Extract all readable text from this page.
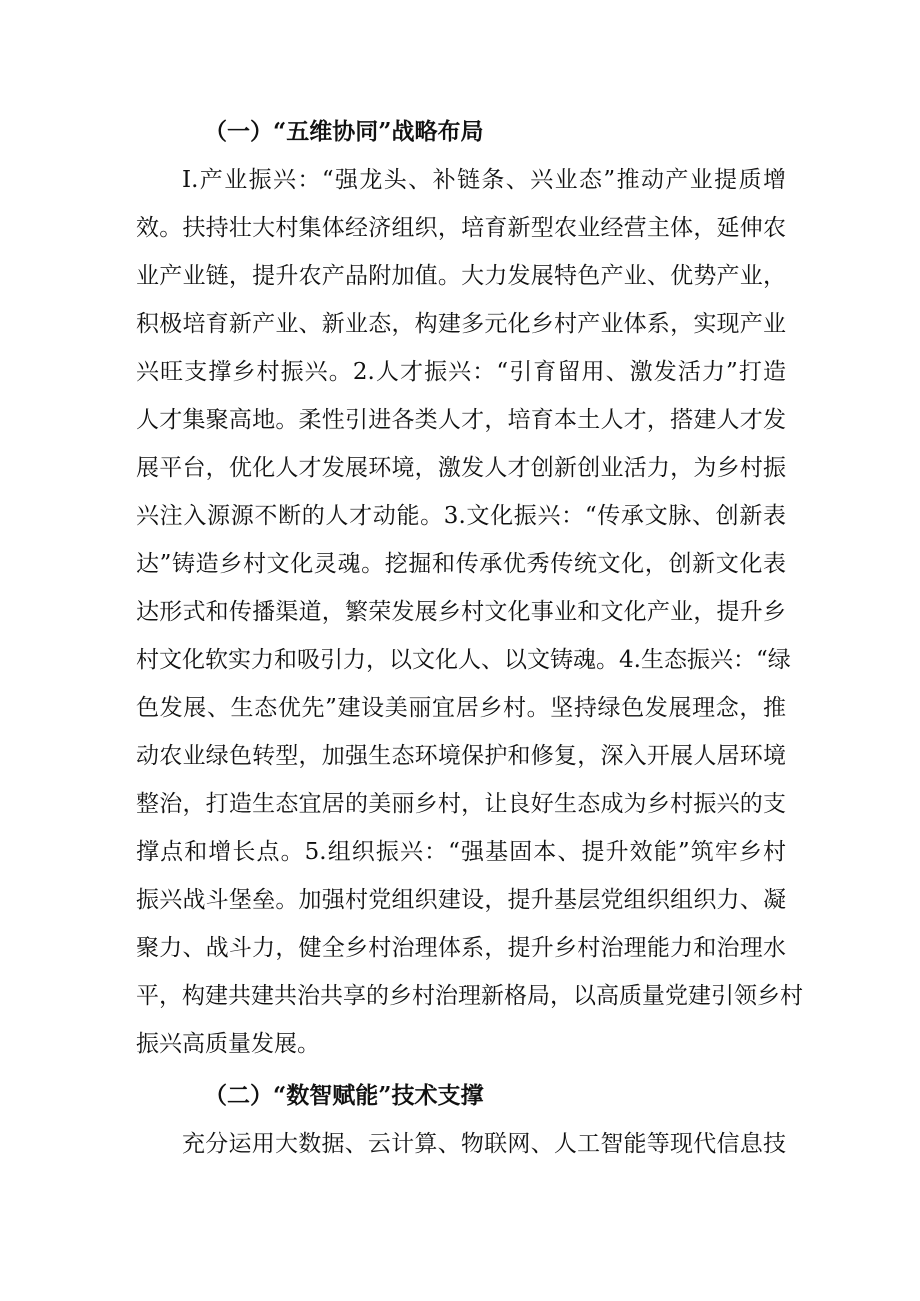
（一）“五维协同”战略布局
I.产业振兴：“强龙头、补链条、兴业态”推动产业提质增
效。扶持壮大村集体经济组织，培育新型农业经营主体，延伸农
业产业链，提升农产品附加值。大力发展特色产业、优势产业，
积极培育新产业、新业态，构建多元化乡村产业体系，实现产业
兴旺支撑乡村振兴。2.人才振兴：“引育留用、激发活力”打造
人才集聚高地。柔性引进各类人才，培育本土人才，搭建人才发
展平台，优化人才发展环境，激发人才创新创业活力，为乡村振
兴注入源源不断的人才动能。3.文化振兴：“传承文脉、创新表
达”铸造乡村文化灵魂。挖掘和传承优秀传统文化，创新文化表
达形式和传播渠道，繁荣发展乡村文化事业和文化产业，提升乡
村文化软实力和吸引力，以文化人、以文铸魂。4.生态振兴：“绿
色发展、生态优先”建设美丽宜居乡村。坚持绿色发展理念，推
动农业绿色转型，加强生态环境保护和修复，深入开展人居环境
整治，打造生态宜居的美丽乡村，让良好生态成为乡村振兴的支
撑点和增长点。5.组织振兴：“强基固本、提升效能”筑牢乡村
振兴战斗堡垒。加强村党组织建设，提升基层党组织组织力、凝
聚力、战斗力，健全乡村治理体系，提升乡村治理能力和治理水
平，构建共建共治共享的乡村治理新格局，以高质量党建引领乡村
振兴高质量发展。
（二）“数智赋能”技术支撑
充分运用大数据、云计算、物联网、人工智能等现代信息技
